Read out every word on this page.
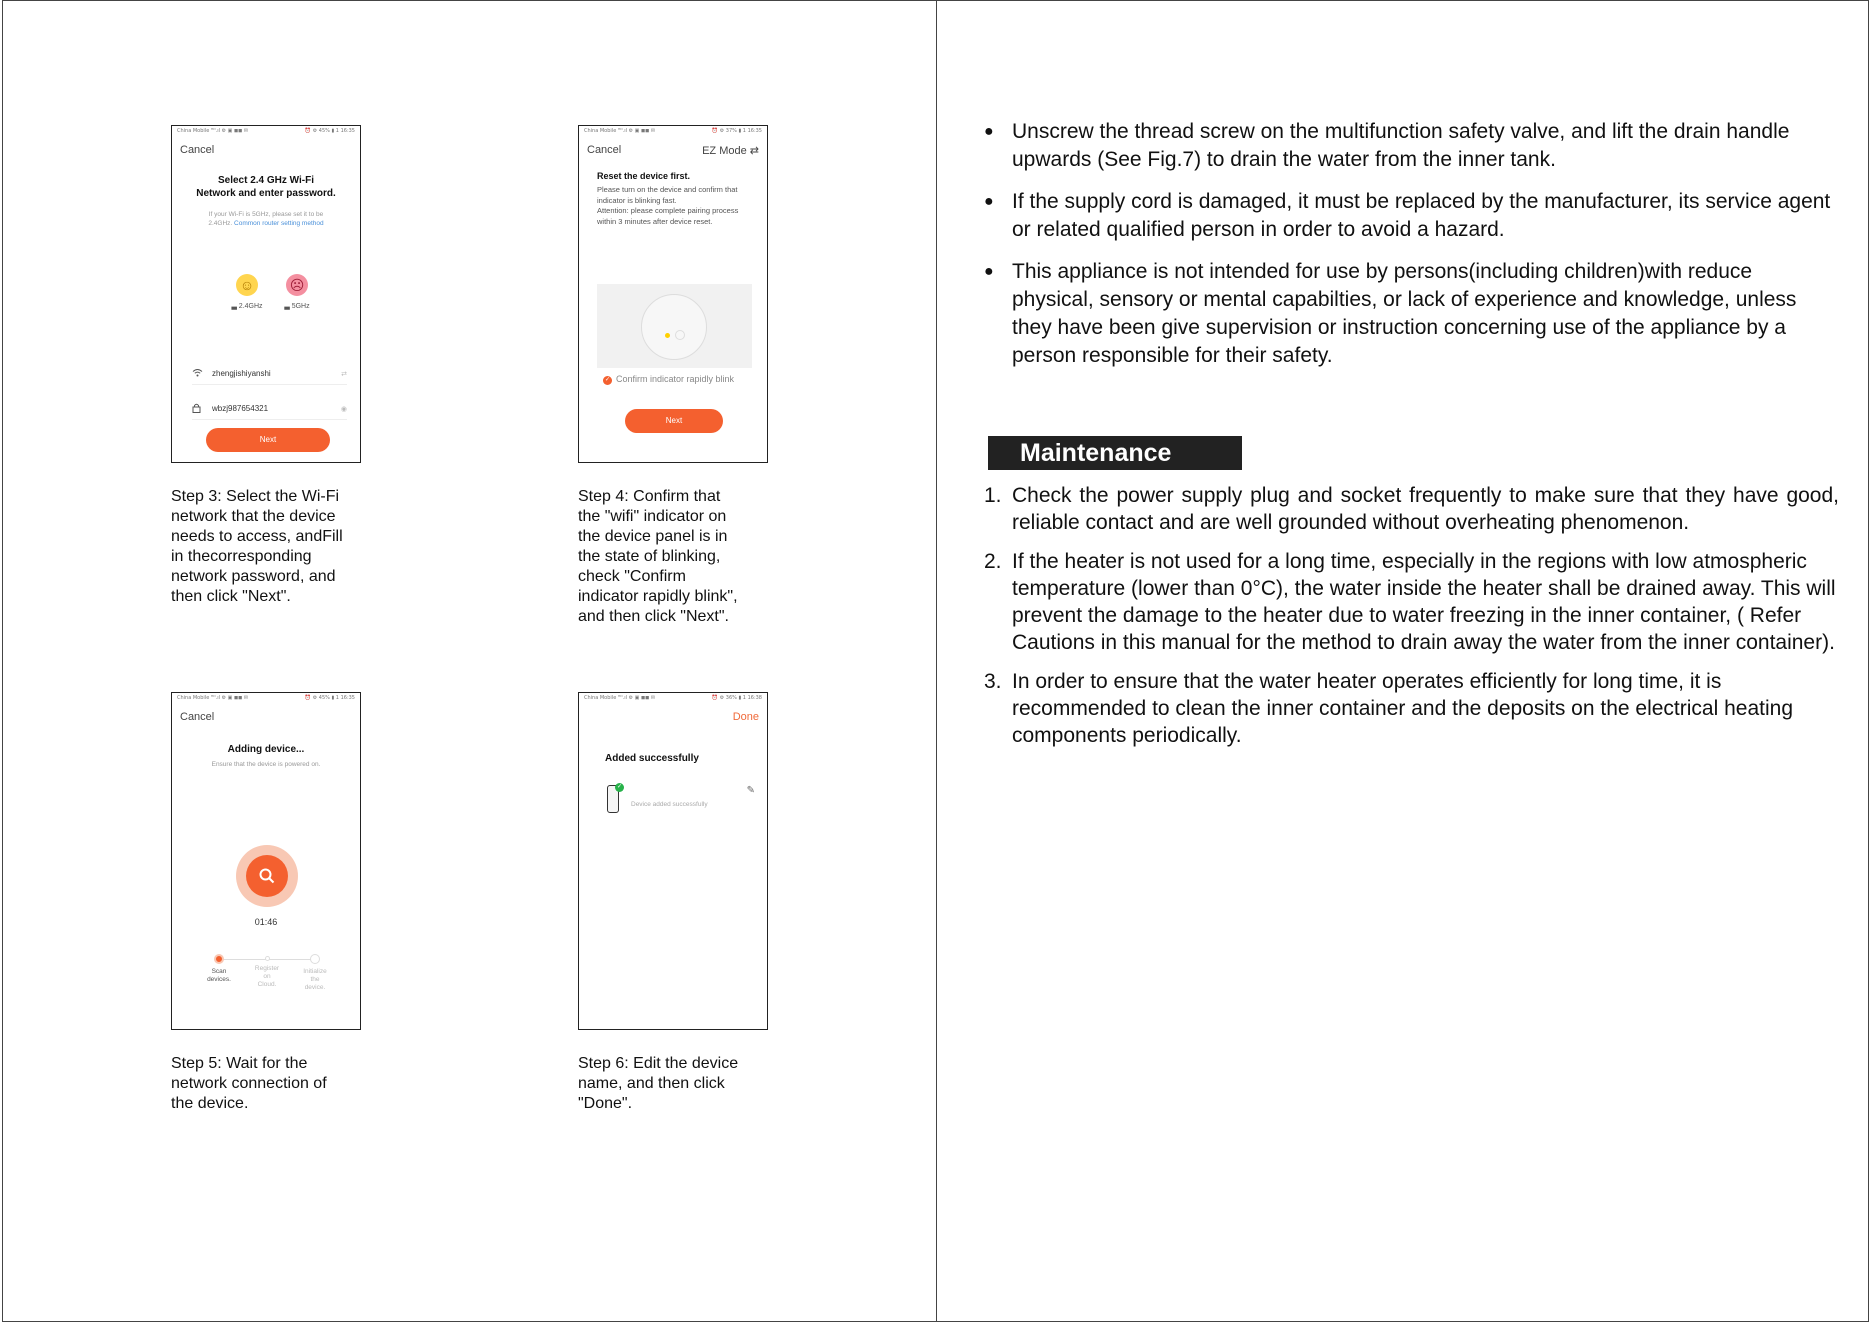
China Mobile ᴴᴰ.ıl ⚙ ▣ ◼◼ ✉	⏰ ⚙ 45% ▮ 1 16:35
Cancel
Select 2.4 GHz Wi-Fi
Network and enter password.
If your Wi-Fi is 5GHz, please set it to be
2.4GHz. Common router setting method
☺
▃ 2.4GHz
☹
▃ 5GHz
zhengjishiyanshi	⇄
wbzj987654321	◉
Next
China Mobile ᴴᴰ.ıl ⚙ ▣ ◼◼ ✉	⏰ ⚙ 37% ▮ 1 16:35
Cancel	EZ Mode ⇄
Reset the device first.
Please turn on the device and confirm that indicator is blinking fast.
Attention: please complete pairing process within 3 minutes after device reset.
✓ Confirm indicator rapidly blink
Next
China Mobile ᴴᴰ.ıl ⚙ ▣ ◼◼ ✉	⏰ ⚙ 45% ▮ 1 16:35
Cancel
Adding device...
Ensure that the device is powered on.
01:46
Scan
devices.
Register
on
Cloud.
Initialize
the
device.
China Mobile ᴴᴰ.ıl ⚙ ▣ ◼◼ ✉	⏰ ⚙ 36% ▮ 1 16:38
Done
Added successfully
✓
Device added successfully
✎
Step 3: Select the Wi-Fi
network that the device
needs to access, andFill
in thecorresponding
network password, and
then click "Next".
Step 4: Confirm that
the "wifi" indicator on
the device panel is in
the state of blinking,
check "Confirm
indicator rapidly blink",
and then click "Next".
Step 5: Wait for the
network connection of
the device.
Step 6: Edit the device
name, and then click
"Done".
● Unscrew the thread screw on the multifunction safety valve, and lift the drain handle upwards (See Fig.7) to drain the water from the inner tank.
● If the supply cord is damaged, it must be replaced by the manufacturer, its service agent or related qualified person in order to avoid a hazard.
● This appliance is not intended for use by persons(including children)with reduce physical, sensory or mental capabilties, or lack of experience and knowledge, unless they have been give supervision or instruction concerning use of the appliance by a person responsible for their safety.
Maintenance
1. Check the power supply plug and socket frequently to make sure that they have good, reliable contact and are well grounded without overheating phenomenon.
2. If the heater is not used for a long time, especially in the regions with low atmospheric temperature (lower than 0°C), the water inside the heater shall be drained away. This will prevent the damage to the heater due to water freezing in the inner container, ( Refer Cautions in this manual for the method to drain away the water from the inner container).
3. In order to ensure that the water heater operates efficiently for long time, it is recommended to clean the inner container and the deposits on the electrical heating components periodically.
